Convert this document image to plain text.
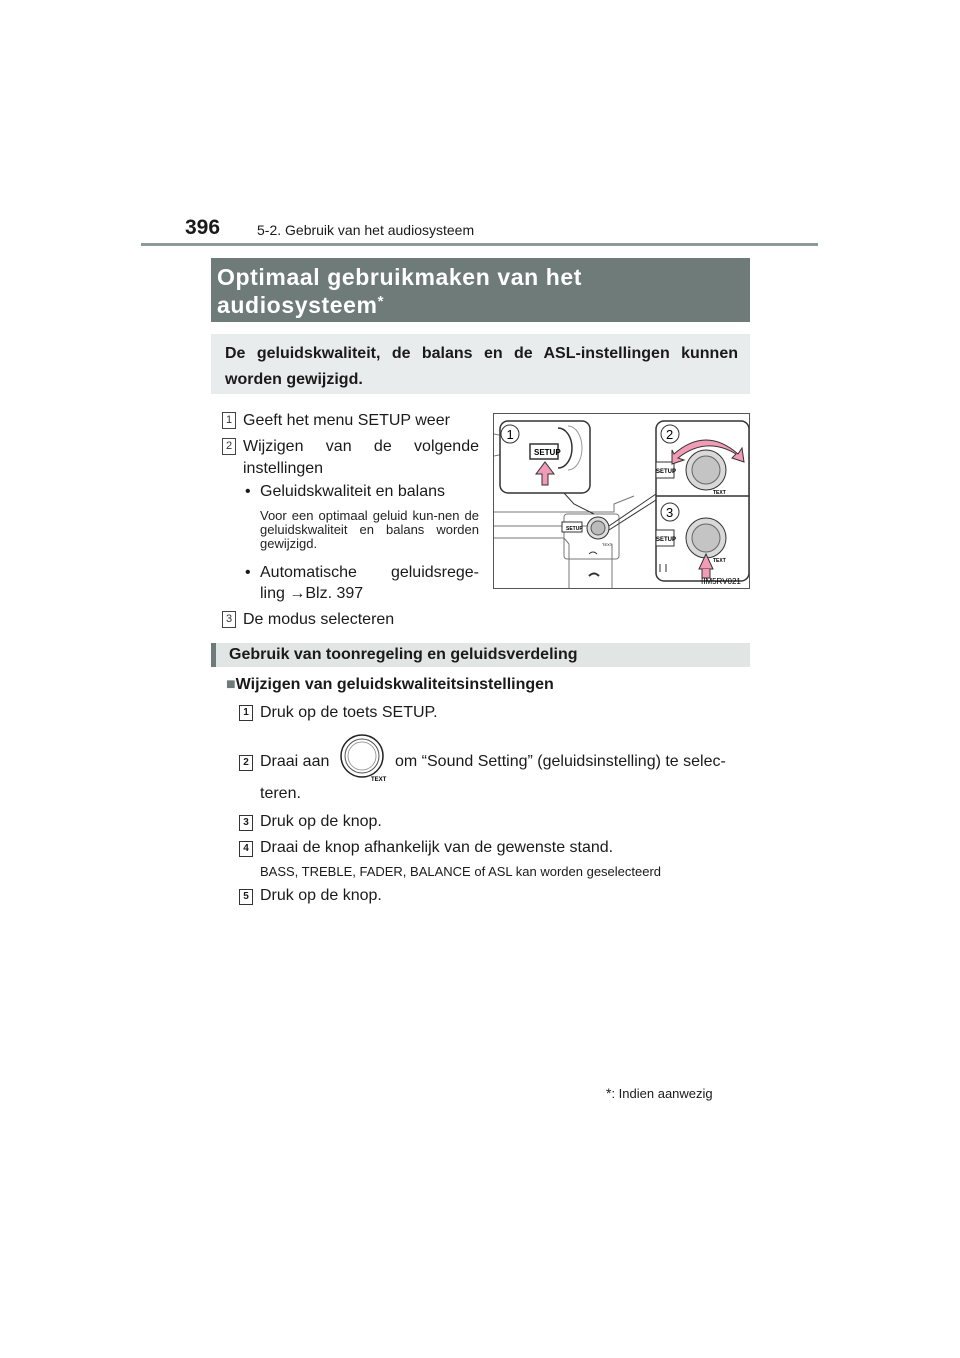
396	5-2. Gebruik van het audiosysteem
Optimaal gebruikmaken van het
audiosysteem*
De geluidskwaliteit, de balans en de ASL-instellingen kunnen worden gewijzigd.
1 Geeft het menu SETUP weer
2 Wijzigen van de volgende
instellingen
• Geluidskwaliteit en balans
Voor een optimaal geluid kun-nen de geluidskwaliteit en balans worden gewijzigd.
• Automatische geluidsrege-
ling →Blz. 397
3 De modus selecteren
SETUP
TEXT
SETUP
1
SETUP
TEXT
2
SETUP
TEXT
3
IIM5RV021
Gebruik van toonregeling en geluidsverdeling
■Wijzigen van geluidskwaliteitsinstellingen
1 Druk op de toets SETUP.
2 Draai aan
TEXT
om “Sound Setting” (geluidsinstelling) te selec-
teren.
3 Druk op de knop.
4 Draai de knop afhankelijk van de gewenste stand.
BASS, TREBLE, FADER, BALANCE of ASL kan worden geselecteerd
5 Druk op de knop.
*: Indien aanwezig
